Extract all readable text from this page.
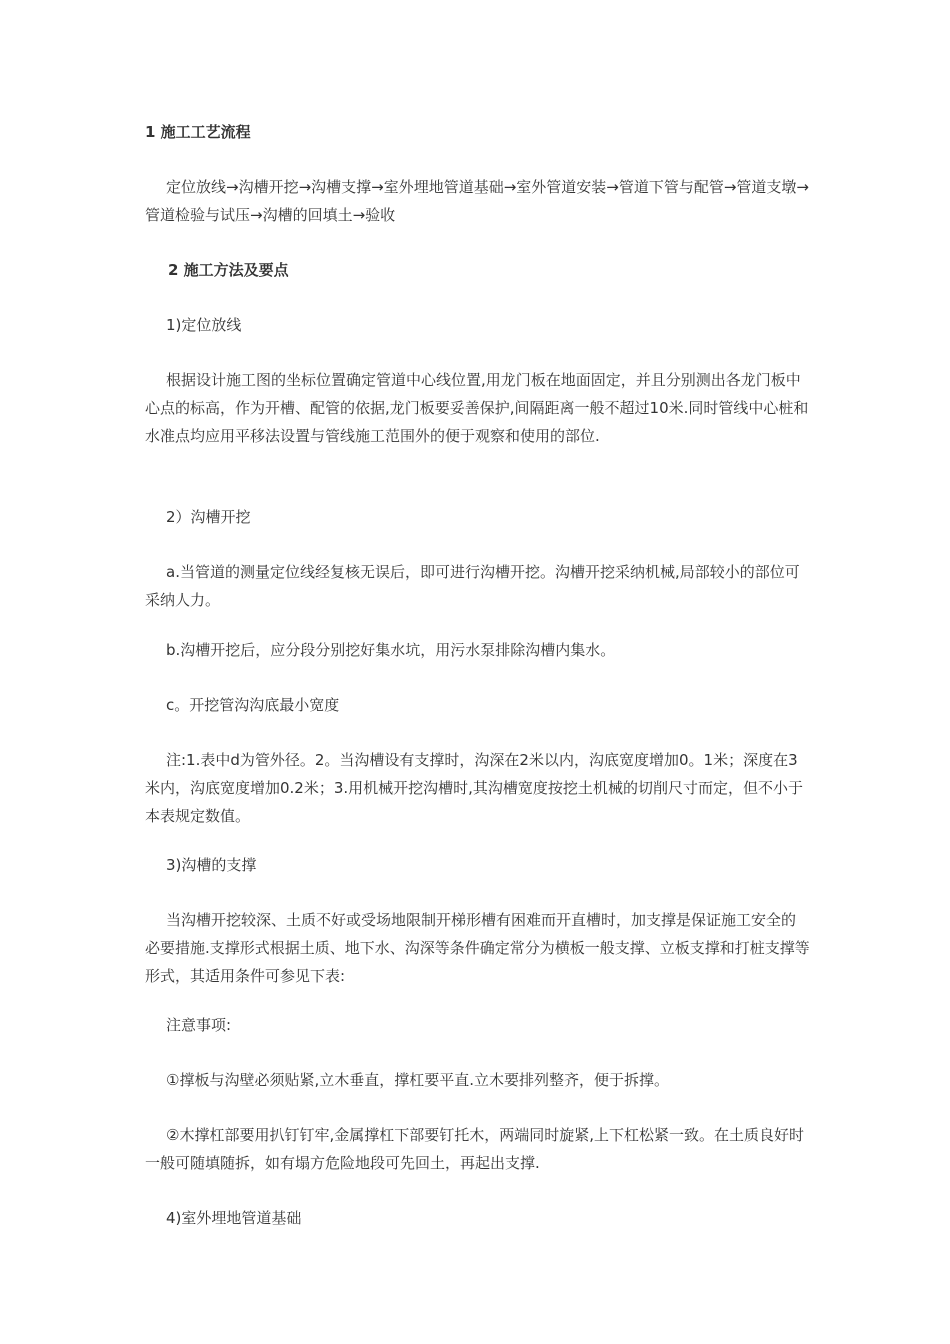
1 施工工艺流程

定位放线→沟槽开挖→沟槽支撑→室外埋地管道基础→室外管道安装→管道下管与配管→管道支墩→管道检验与试压→沟槽的回填土→验收

2 施工方法及要点

1)定位放线

根据设计施工图的坐标位置确定管道中心线位置,用龙门板在地面固定，并且分别测出各龙门板中心点的标高，作为开槽、配管的依据,龙门板要妥善保护,间隔距离一般不超过10米.同时管线中心桩和水准点均应用平移法设置与管线施工范围外的便于观察和使用的部位.

2）沟槽开挖

a.当管道的测量定位线经复核无误后，即可进行沟槽开挖。沟槽开挖采纳机械,局部较小的部位可采纳人力。

b.沟槽开挖后，应分段分别挖好集水坑，用污水泵排除沟槽内集水。

c。开挖管沟沟底最小宽度

注:1.表中d为管外径。2。当沟槽设有支撑时，沟深在2米以内，沟底宽度增加0。1米；深度在3米内，沟底宽度增加0.2米；3.用机械开挖沟槽时,其沟槽宽度按挖土机械的切削尺寸而定，但不小于本表规定数值。

3)沟槽的支撑

当沟槽开挖较深、土质不好或受场地限制开梯形槽有困难而开直槽时，加支撑是保证施工安全的必要措施.支撑形式根据土质、地下水、沟深等条件确定常分为横板一般支撑、立板支撑和打桩支撑等形式，其适用条件可参见下表:

注意事项:

①撑板与沟壁必须贴紧,立木垂直，撑杠要平直.立木要排列整齐，便于拆撑。

②木撑杠部要用扒钉钉牢,金属撑杠下部要钉托木，两端同时旋紧,上下杠松紧一致。在土质良好时一般可随填随拆，如有塌方危险地段可先回土，再起出支撑.

4)室外埋地管道基础
